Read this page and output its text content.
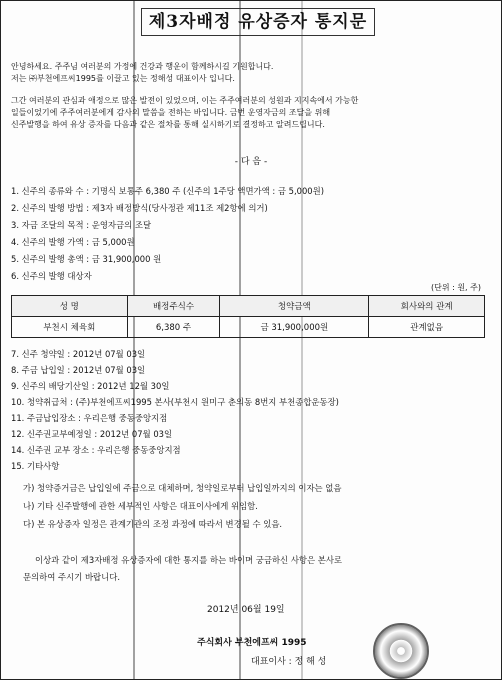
제3자배정 유상증자 통지문
안녕하세요. 주주님 여러분의 가정에 건강과 행운이 함께하시길 기원합니다.
저는 ㈜부천에프씨1995를 이끌고 있는 정해성 대표이사 입니다.
그간 여러분의 관심과 애정으로 많은 발전이 있었으며, 이는 주주여러분의 성원과 지지속에서 가능한
일들이었기에 주주여러분에게 감사의 말씀을 전하는 바입니다. 금번 운영자금의 조달을 위해
신주발행을 하여 유상 증자를 다음과 같은 절차를 통해 실시하기로 결정하고 알려드립니다.
- 다 음 -
1. 신주의 종류와 수 : 기명식 보통주 6,380 주 (신주의 1주당 액면가액 : 금 5,000원)
2. 신주의 발행 방법 : 제3자 배정방식(당사정관 제11조 제2항에 의거)
3. 자금 조달의 목적 : 운영자금의 조달
4. 신주의 발행 가액 : 금 5,000원
5. 신주의 발행 총액 : 금 31,900,000 원
6. 신주의 발행 대상자
(단위 : 원, 주)
성 명	배정주식수	청약금액	회사와의 관계
부천시 체육회	6,380 주	금 31,900,000원	관계없음
7. 신주 청약일 : 2012년 07월 03일
8. 주금 납입일 : 2012년 07월 03일
9. 신주의 배당기산일 : 2012년 12월 30일
10. 청약취급처 : (주)부천에프씨1995 본사(부천시 원미구 춘의동 8번지 부천종합운동장)
11. 주금납입장소 : 우리은행 중동중앙지점
12. 신주권교부예정일 : 2012년 07월 03일
14. 신주권 교부 장소 : 우리은행 중동중앙지점
15. 기타사항
가) 청약증거금은 납입일에 주금으로 대체하며, 청약일로부터 납입일까지의 이자는 없음
나) 기타 신주발행에 관한 세부적인 사항은 대표이사에게 위임함.
다) 본 유상증자 일정은 관계기관의 조정 과정에 따라서 변경될 수 있음.
이상과 같이 제3자배정 유상증자에 대한 통지를 하는 바이며 궁금하신 사항은 본사로
문의하여 주시기 바랍니다.
2012년 06월 19일
주식회사 부천에프씨 1995
대표이사 : 정 해 성
